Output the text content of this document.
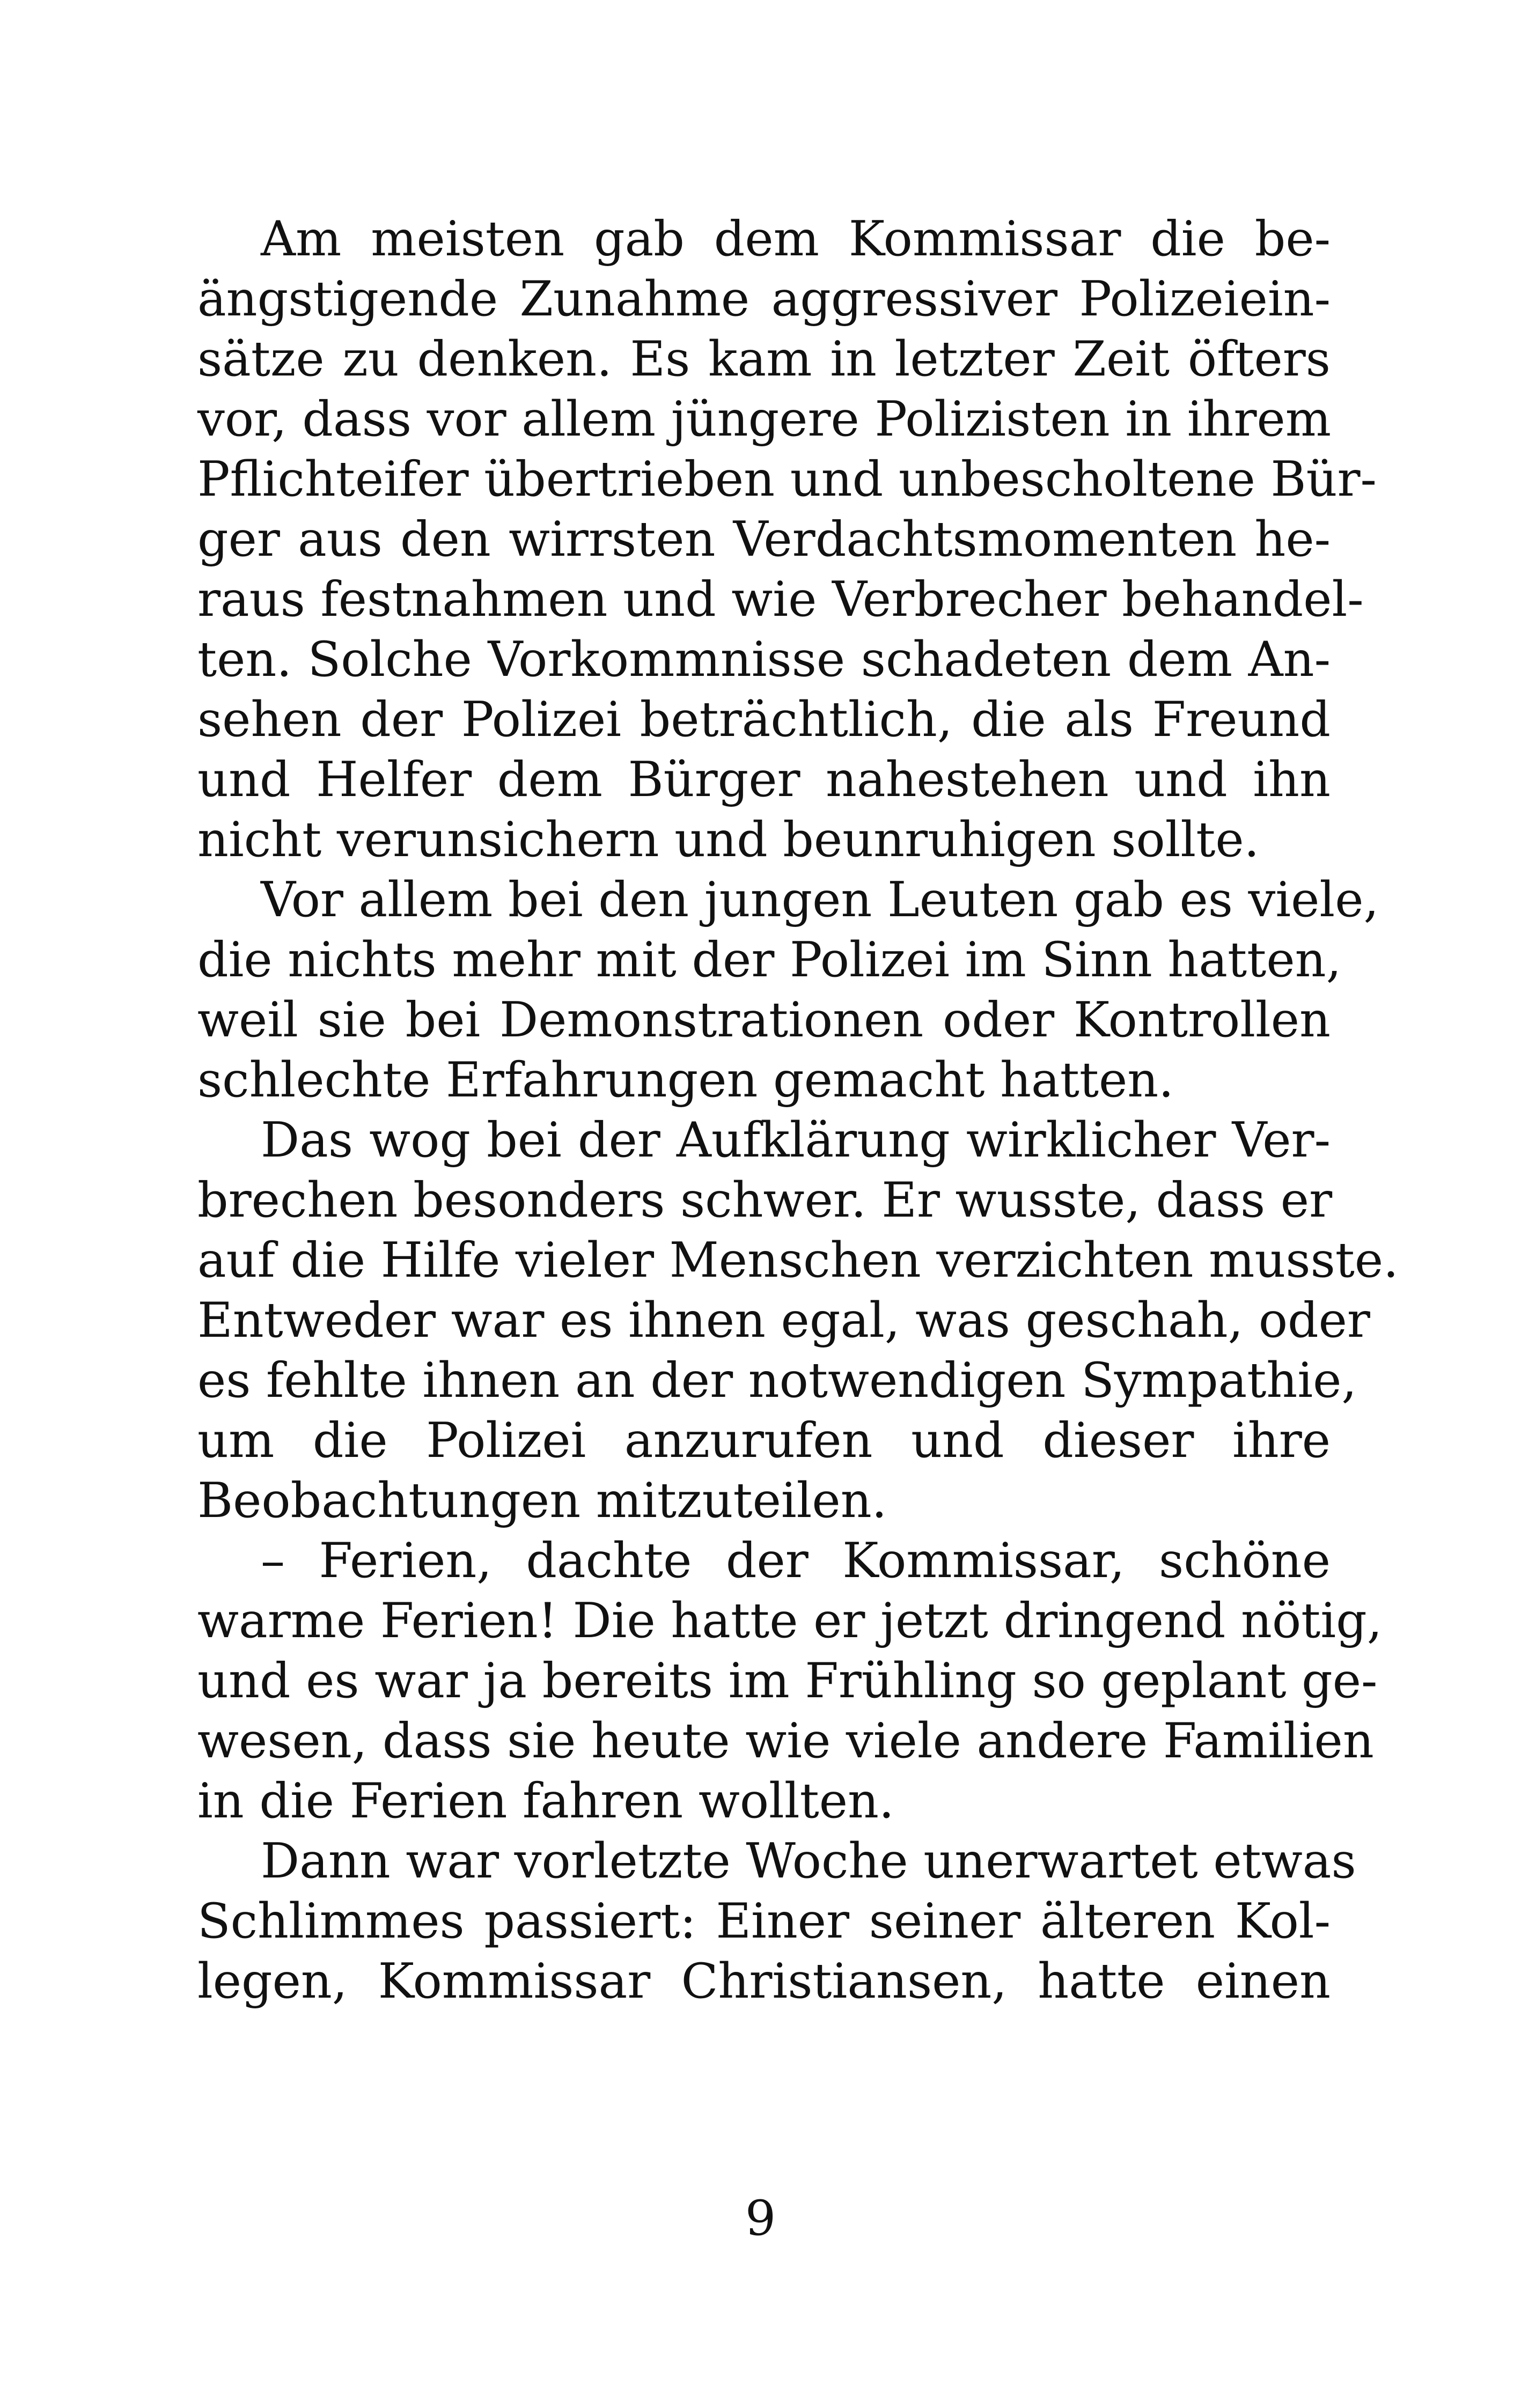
Am meisten gab dem Kommissar die be-
ängstigende Zunahme aggressiver Polizeiein-
sätze zu denken. Es kam in letzter Zeit öfters
vor, dass vor allem jüngere Polizisten in ihrem
Pflichteifer übertrieben und unbescholtene Bür-
ger aus den wirrsten Verdachtsmomenten he-
raus festnahmen und wie Verbrecher behandel-
ten. Solche Vorkommnisse schadeten dem An-
sehen der Polizei beträchtlich, die als Freund
und Helfer dem Bürger nahestehen und ihn
nicht verunsichern und beunruhigen sollte.
Vor allem bei den jungen Leuten gab es viele,
die nichts mehr mit der Polizei im Sinn hatten,
weil sie bei Demonstrationen oder Kontrollen
schlechte Erfahrungen gemacht hatten.
Das wog bei der Aufklärung wirklicher Ver-
brechen besonders schwer. Er wusste, dass er
auf die Hilfe vieler Menschen verzichten musste.
Entweder war es ihnen egal, was geschah, oder
es fehlte ihnen an der notwendigen Sympathie,
um die Polizei anzurufen und dieser ihre
Beobachtungen mitzuteilen.
– Ferien, dachte der Kommissar, schöne
warme Ferien! Die hatte er jetzt dringend nötig,
und es war ja bereits im Frühling so geplant ge-
wesen, dass sie heute wie viele andere Familien
in die Ferien fahren wollten.
Dann war vorletzte Woche unerwartet etwas
Schlimmes passiert: Einer seiner älteren Kol-
legen, Kommissar Christiansen, hatte einen
9
